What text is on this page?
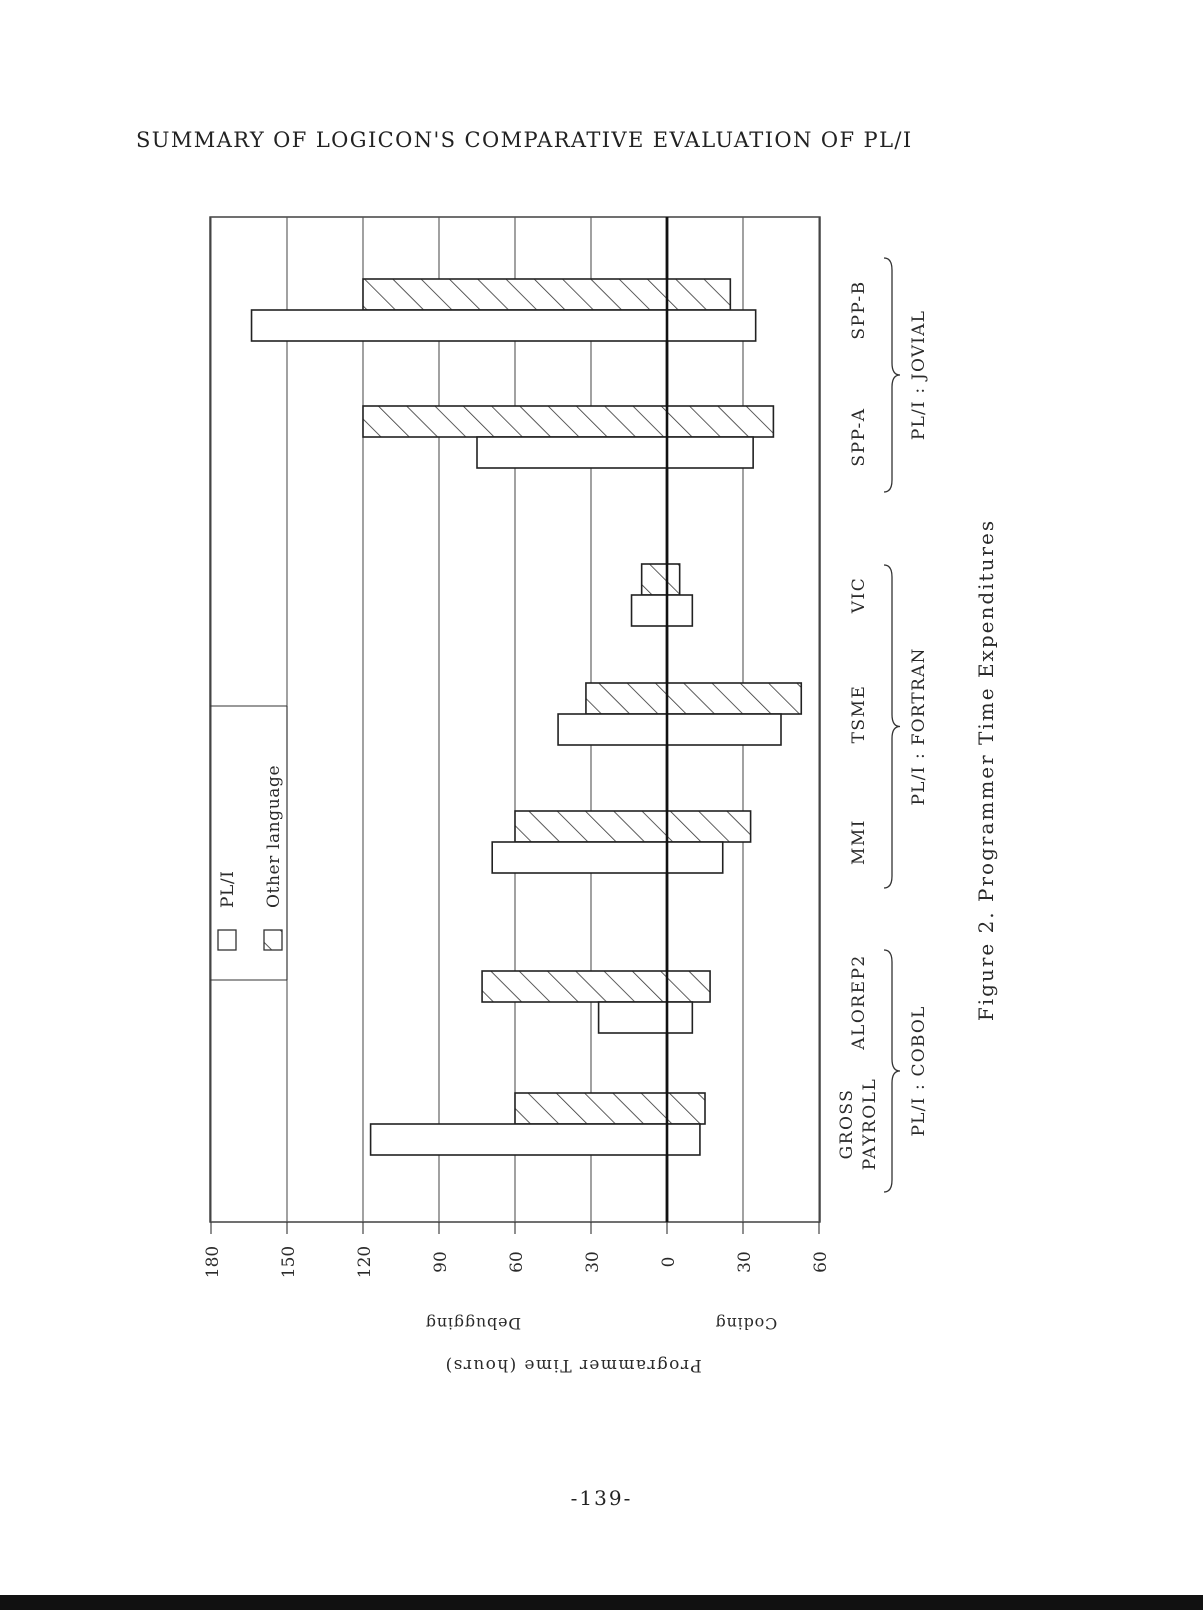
SUMMARY OF LOGICON'S COMPARATIVE EVALUATION OF PL/I
180	150	120	90	60	30	0	30	60
PL/I Other language
GROSS PAYROLL
ALOREP2
MMI
TSME
VIC
SPP-A
SPP-B
PL/I : COBOL
PL/I : FORTRAN
PL/I : JOVIAL
Debugging	Coding
Programmer Time (hours)
Figure 2. Programmer Time Expenditures
-139-
